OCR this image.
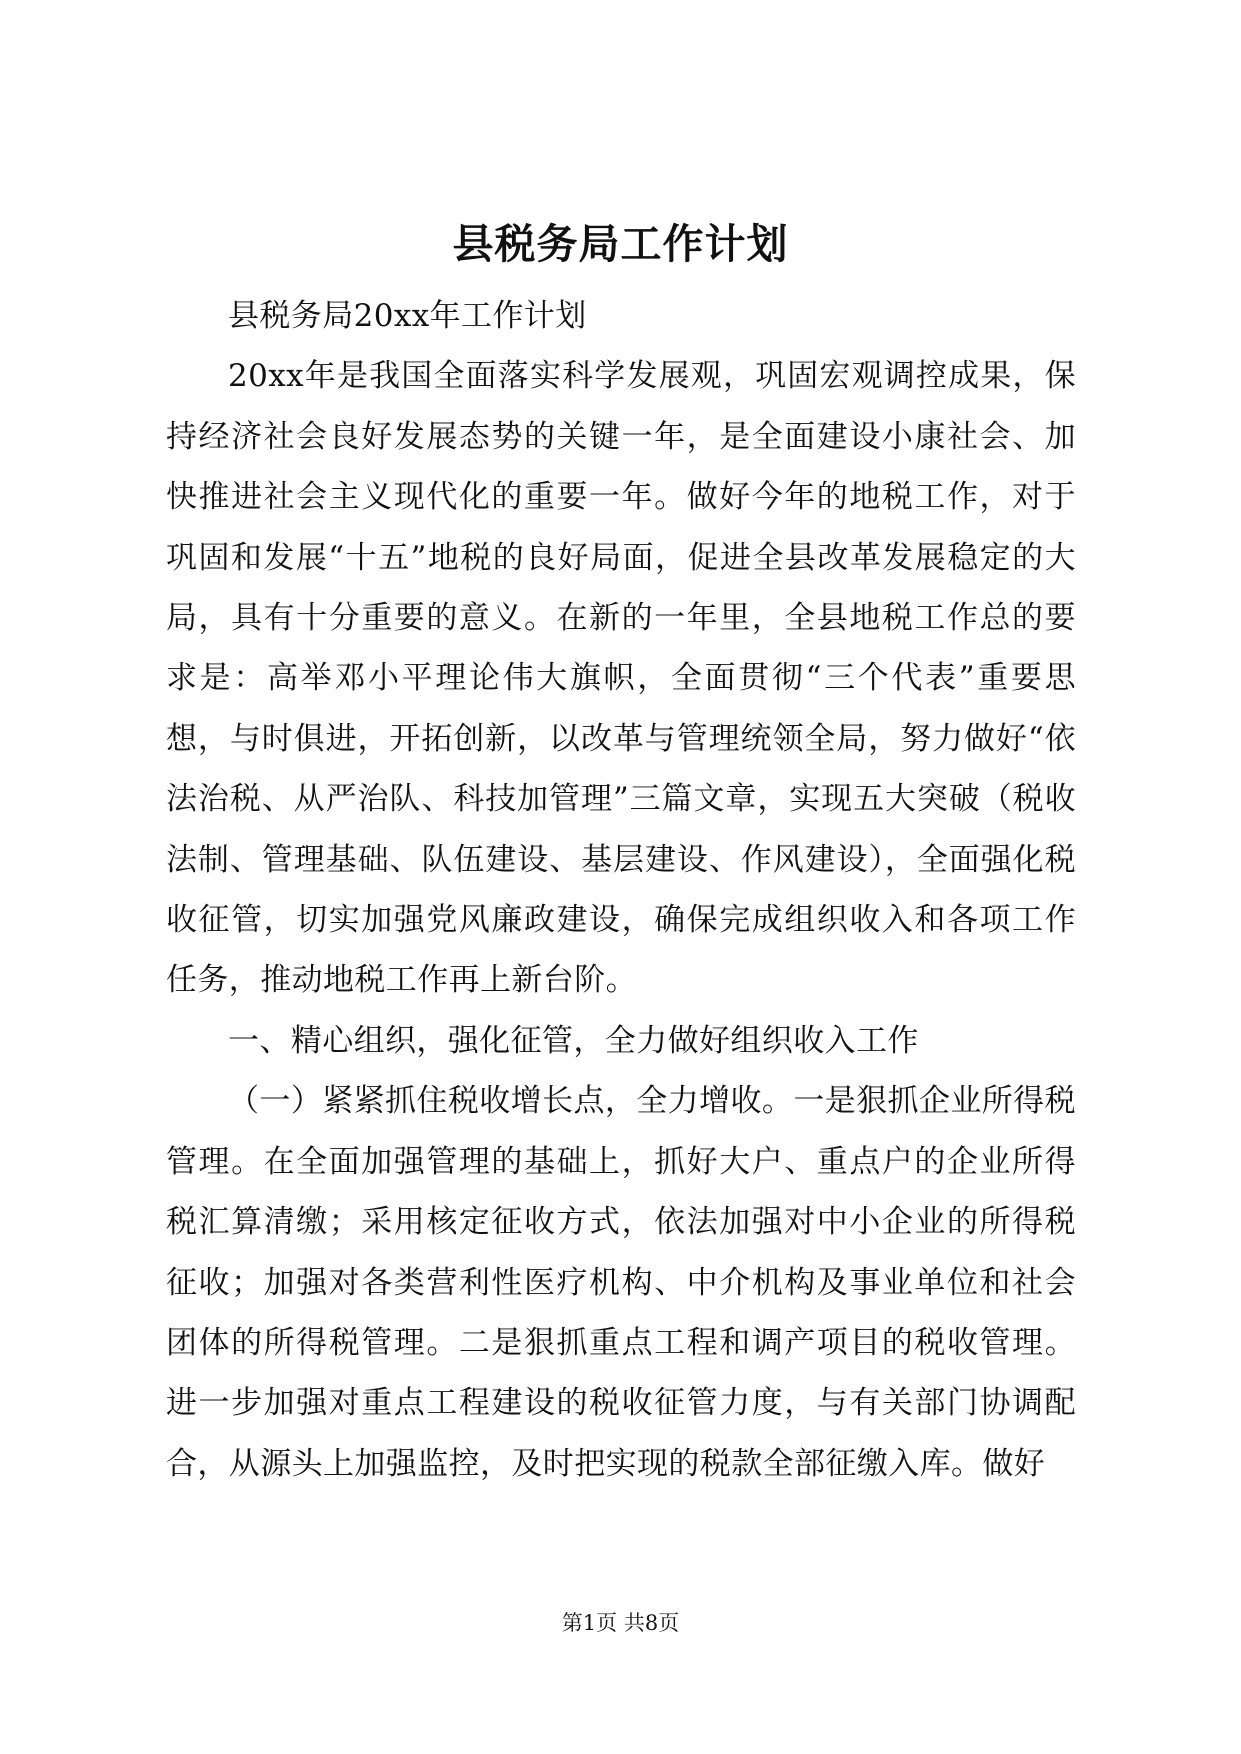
县税务局工作计划

县税务局20xx年工作计划

20xx年是我国全面落实科学发展观，巩固宏观调控成果，保持经济社会良好发展态势的关键一年，是全面建设小康社会、加快推进社会主义现代化的重要一年。做好今年的地税工作，对于巩固和发展“十五”地税的良好局面，促进全县改革发展稳定的大局，具有十分重要的意义。在新的一年里，全县地税工作总的要求是：高举邓小平理论伟大旗帜，全面贯彻“三个代表”重要思想，与时俱进，开拓创新，以改革与管理统领全局，努力做好“依法治税、从严治队、科技加管理”三篇文章，实现五大突破（税收法制、管理基础、队伍建设、基层建设、作风建设），全面强化税收征管，切实加强党风廉政建设，确保完成组织收入和各项工作任务，推动地税工作再上新台阶。

一、精心组织，强化征管，全力做好组织收入工作

（一）紧紧抓住税收增长点，全力增收。一是狠抓企业所得税管理。在全面加强管理的基础上，抓好大户、重点户的企业所得税汇算清缴；采用核定征收方式，依法加强对中小企业的所得税征收；加强对各类营利性医疗机构、中介机构及事业单位和社会团体的所得税管理。二是狠抓重点工程和调产项目的税收管理。进一步加强对重点工程建设的税收征管力度，与有关部门协调配合，从源头上加强监控，及时把实现的税款全部征缴入库。做好

第1页 共8页
